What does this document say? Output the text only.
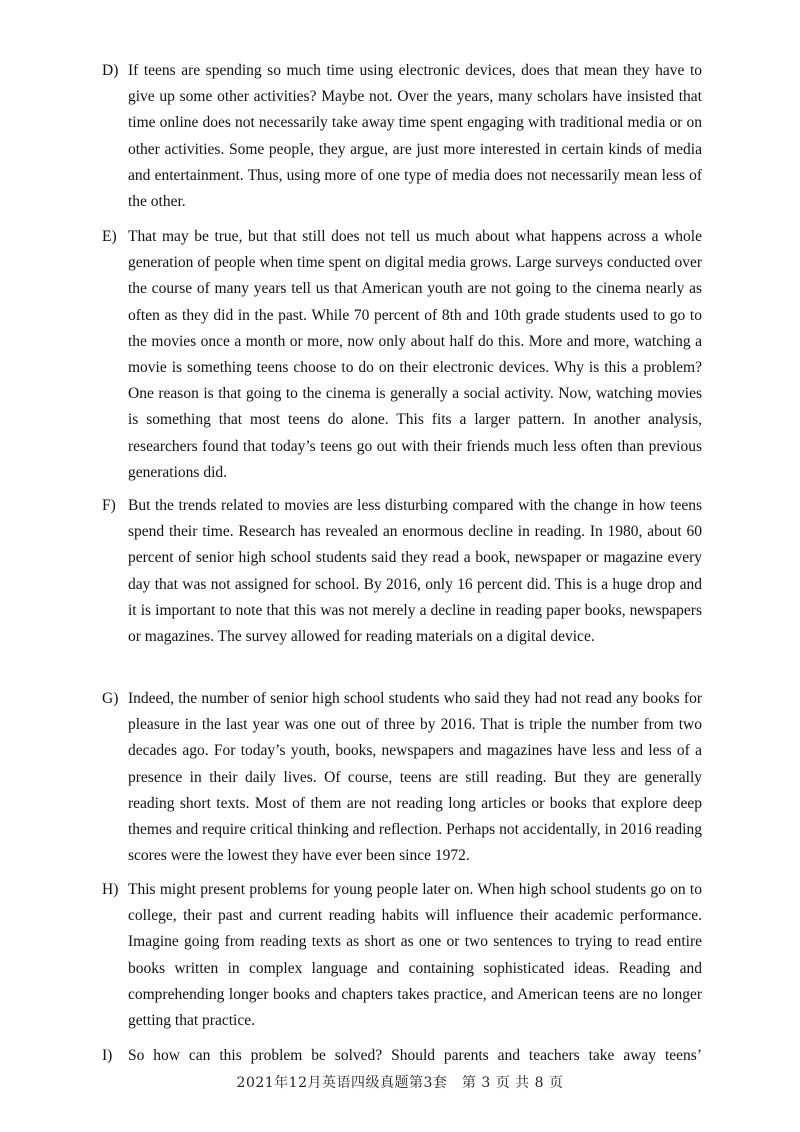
D) If teens are spending so much time using electronic devices, does that mean they have to give up some other activities? Maybe not. Over the years, many scholars have insisted that time online does not necessarily take away time spent engaging with traditional media or on other activities. Some people, they argue, are just more interested in certain kinds of media and entertainment. Thus, using more of one type of media does not necessarily mean less of the other.
E) That may be true, but that still does not tell us much about what happens across a whole generation of people when time spent on digital media grows. Large surveys conducted over the course of many years tell us that American youth are not going to the cinema nearly as often as they did in the past. While 70 percent of 8th and 10th grade students used to go to the movies once a month or more, now only about half do this. More and more, watching a movie is something teens choose to do on their electronic devices. Why is this a problem? One reason is that going to the cinema is generally a social activity. Now, watching movies is something that most teens do alone. This fits a larger pattern. In another analysis, researchers found that today’s teens go out with their friends much less often than previous generations did.
F) But the trends related to movies are less disturbing compared with the change in how teens spend their time. Research has revealed an enormous decline in reading. In 1980, about 60 percent of senior high school students said they read a book, newspaper or magazine every day that was not assigned for school. By 2016, only 16 percent did. This is a huge drop and it is important to note that this was not merely a decline in reading paper books, newspapers or magazines. The survey allowed for reading materials on a digital device.
G) Indeed, the number of senior high school students who said they had not read any books for pleasure in the last year was one out of three by 2016. That is triple the number from two decades ago. For today’s youth, books, newspapers and magazines have less and less of a presence in their daily lives. Of course, teens are still reading. But they are generally reading short texts. Most of them are not reading long articles or books that explore deep themes and require critical thinking and reflection. Perhaps not accidentally, in 2016 reading scores were the lowest they have ever been since 1972.
H) This might present problems for young people later on. When high school students go on to college, their past and current reading habits will influence their academic performance. Imagine going from reading texts as short as one or two sentences to trying to read entire books written in complex language and containing sophisticated ideas. Reading and comprehending longer books and chapters takes practice, and American teens are no longer getting that practice.
I) So how can this problem be solved? Should parents and teachers take away teens’
2021年12月英语四级真题第3套　第 3 页 共 8 页
